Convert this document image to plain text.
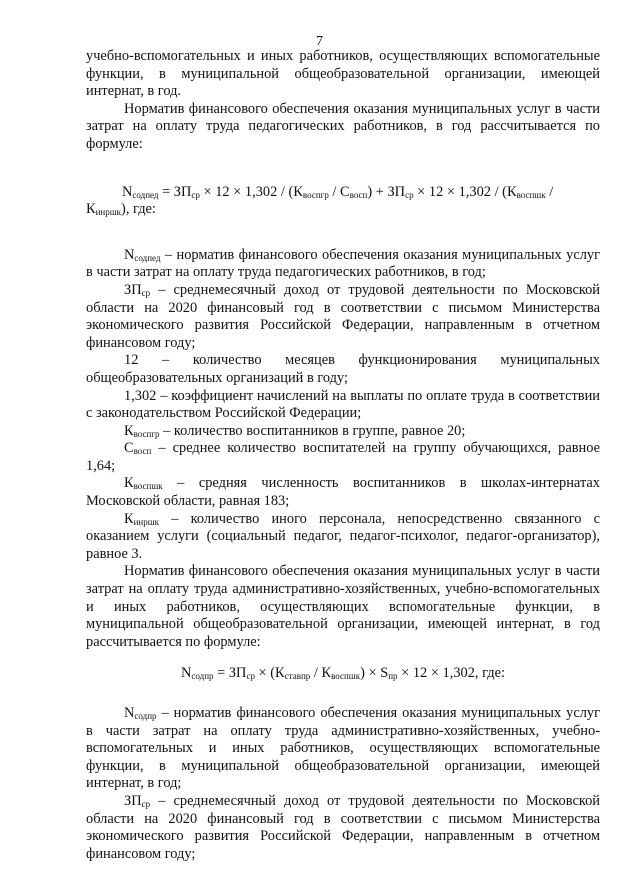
7

учебно-вспомогательных и иных работников, осуществляющих вспомогательные функции, в муниципальной общеобразовательной организации, имеющей интернат, в год.

Норматив финансового обеспечения оказания муниципальных услуг в части затрат на оплату труда педагогических работников, в год рассчитывается по формуле:

$N_{содпед} = ЗП_{ср} \times 12 \times 1,302 / (К_{воспгр} / С_{восп}) + ЗП_{ср} \times 12 \times 1,302 / (К_{воспшк} / К_{инршк})$, где:

$N_{содпед}$ – норматив финансового обеспечения оказания муниципальных услуг в части затрат на оплату труда педагогических работников, в год;

$ЗП_{ср}$ – среднемесячный доход от трудовой деятельности по Московской области на 2020 финансовый год в соответствии с письмом Министерства экономического развития Российской Федерации, направленным в отчетном финансовом году;

12 – количество месяцев функционирования муниципальных общеобразовательных организаций в году;

1,302 – коэффициент начислений на выплаты по оплате труда в соответствии с законодательством Российской Федерации;

$К_{воспгр}$ – количество воспитанников в группе, равное 20;

$С_{восп}$ – среднее количество воспитателей на группу обучающихся, равное 1,64;

$К_{воспшк}$ – средняя численность воспитанников в школах-интернатах Московской области, равная 183;

$К_{инршк}$ – количество иного персонала, непосредственно связанного с оказанием услуги (социальный педагог, педагог-психолог, педагог-организатор), равное 3.

Норматив финансового обеспечения оказания муниципальных услуг в части затрат на оплату труда административно-хозяйственных, учебно-вспомогательных и иных работников, осуществляющих вспомогательные функции, в муниципальной общеобразовательной организации, имеющей интернат, в год рассчитывается по формуле:

$N_{содпр} = ЗП_{ср} \times (К_{ставпр} / К_{воспшк}) \times S_{пр} \times 12 \times 1,302$, где:

$N_{содпр}$ – норматив финансового обеспечения оказания муниципальных услуг в части затрат на оплату труда административно-хозяйственных, учебно-вспомогательных и иных работников, осуществляющих вспомогательные функции, в муниципальной общеобразовательной организации, имеющей интернат, в год;

$ЗП_{ср}$ – среднемесячный доход от трудовой деятельности по Московской области на 2020 финансовый год в соответствии с письмом Министерства экономического развития Российской Федерации, направленным в отчетном финансовом году;
